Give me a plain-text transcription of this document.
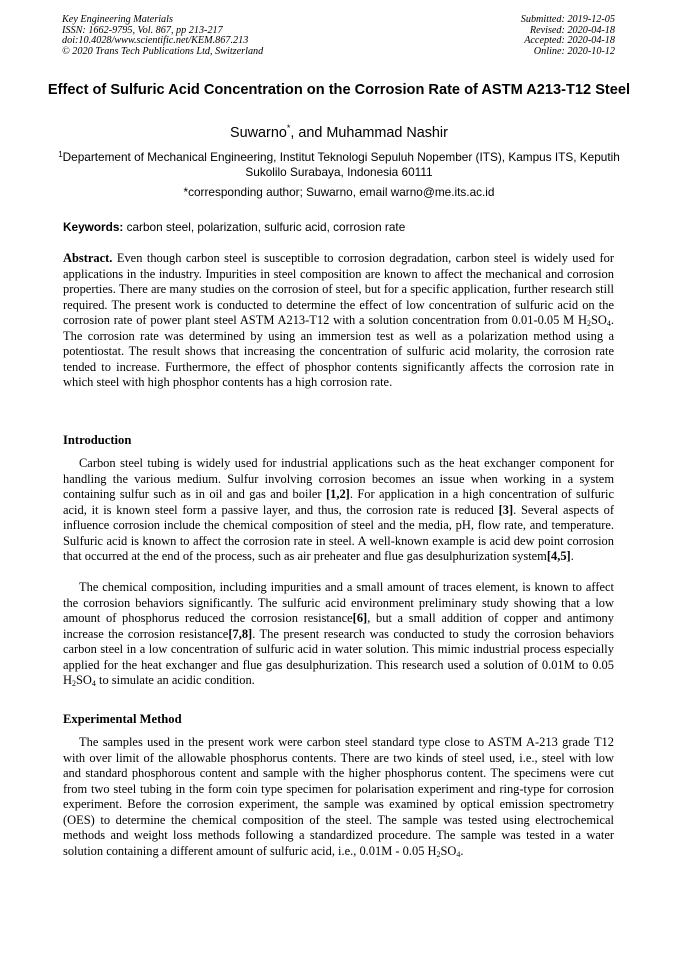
Key Engineering Materials
ISSN: 1662-9795, Vol. 867, pp 213-217
doi:10.4028/www.scientific.net/KEM.867.213
© 2020 Trans Tech Publications Ltd, Switzerland
Submitted: 2019-12-05
Revised: 2020-04-18
Accepted: 2020-04-18
Online: 2020-10-12
Effect of Sulfuric Acid Concentration on the Corrosion Rate of ASTM A213-T12 Steel
Suwarno*, and Muhammad Nashir
$^1$Departement of Mechanical Engineering, Institut Teknologi Sepuluh Nopember (ITS), Kampus ITS, Keputih Sukolilo Surabaya, Indonesia 60111
*corresponding author; Suwarno, email warno@me.its.ac.id
Keywords: carbon steel, polarization, sulfuric acid, corrosion rate
Abstract. Even though carbon steel is susceptible to corrosion degradation, carbon steel is widely used for applications in the industry. Impurities in steel composition are known to affect the mechanical and corrosion properties. There are many studies on the corrosion of steel, but for a specific application, further research still required. The present work is conducted to determine the effect of low concentration of sulfuric acid on the corrosion rate of power plant steel ASTM A213-T12 with a solution concentration from 0.01-0.05 M $H_2SO_4$. The corrosion rate was determined by using an immersion test as well as a polarization method using a potentiostat. The result shows that increasing the concentration of sulfuric acid molarity, the corrosion rate tended to increase. Furthermore, the effect of phosphor contents significantly affects the corrosion rate in which steel with high phosphor contents has a high corrosion rate.
Introduction
Carbon steel tubing is widely used for industrial applications such as the heat exchanger component for handling the various medium. Sulfur involving corrosion becomes an issue when working in a system containing sulfur such as in oil and gas and boiler [1,2]. For application in a high concentration of sulfuric acid, it is known steel form a passive layer, and thus, the corrosion rate is reduced [3]. Several aspects of influence corrosion include the chemical composition of steel and the media, pH, flow rate, and temperature. Sulfuric acid is known to affect the corrosion rate in steel. A well-known example is acid dew point corrosion that occurred at the end of the process, such as air preheater and flue gas desulphurization system[4,5].
The chemical composition, including impurities and a small amount of traces element, is known to affect the corrosion behaviors significantly. The sulfuric acid environment preliminary study showing that a low amount of phosphorus reduced the corrosion resistance[6], but a small addition of copper and antimony increase the corrosion resistance[7,8]. The present research was conducted to study the corrosion behaviors carbon steel in a low concentration of sulfuric acid in water solution. This mimic industrial process especially applied for the heat exchanger and flue gas desulphurization. This research used a solution of 0.01M to 0.05 $H_2SO_4$ to simulate an acidic condition.
Experimental Method
The samples used in the present work were carbon steel standard type close to ASTM A-213 grade T12 with over limit of the allowable phosphorus contents. There are two kinds of steel used, i.e., steel with low and standard phosphorous content and sample with the higher phosphorus content. The specimens were cut from two steel tubing in the form coin type specimen for polarisation experiment and ring-type for corrosion experiment. Before the corrosion experiment, the sample was examined by optical emission spectrometry (OES) to determine the chemical composition of the steel. The sample was tested using electrochemical methods and weight loss methods following a standardized procedure. The sample was tested in a water solution containing a different amount of sulfuric acid, i.e., 0.01M - 0.05 $H_2SO_4$.
